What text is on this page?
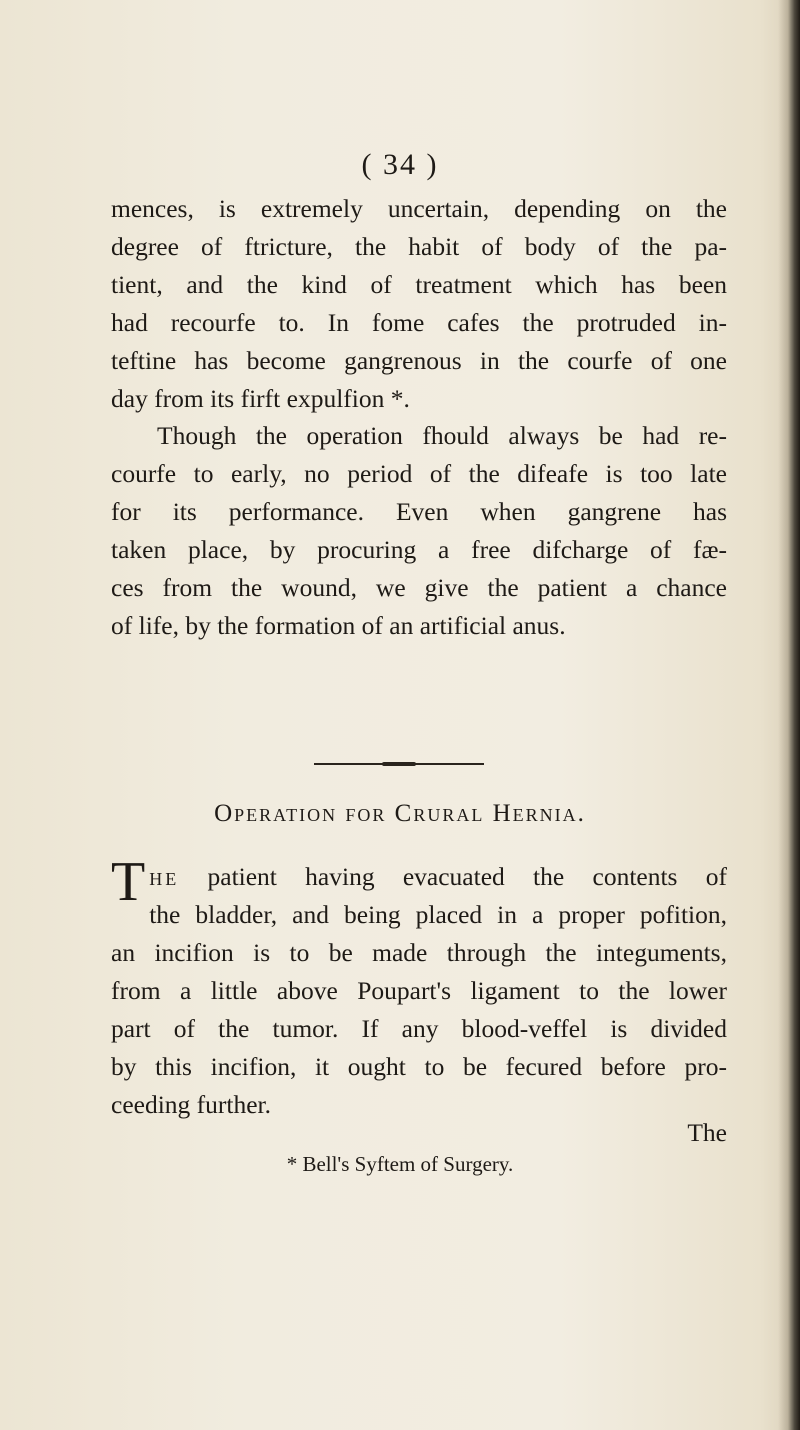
( 34 )
mences, is extremely uncertain, depending on the
degree of ftricture, the habit of body of the pa-
tient, and the kind of treatment which has been
had recourfe to. In fome cafes the protruded in-
teftine has become gangrenous in the courfe of one
day from its firft expulfion *.
Though the operation fhould always be had re-
courfe to early, no period of the difeafe is too late
for its performance. Even when gangrene has
taken place, by procuring a free difcharge of fæ-
ces from the wound, we give the patient a chance
of life, by the formation of an artificial anus.
Operation for Crural Hernia.
T he patient having evacuated the contents of
the bladder, and being placed in a proper pofition,
an incifion is to be made through the integuments,
from a little above Poupart's ligament to the lower
part of the tumor. If any blood-veffel is divided
by this incifion, it ought to be fecured before pro-
ceeding further.
The
* Bell's Syftem of Surgery.
